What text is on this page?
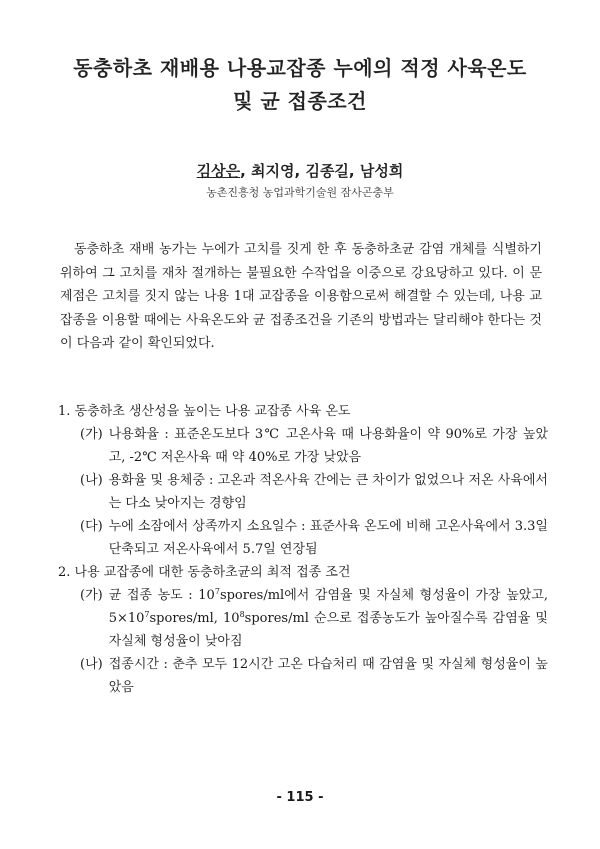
동충하초 재배용 나용교잡종 누에의 적정 사육온도
및 균 접종조건
김상은, 최지영, 김종길, 남성희
농촌진흥청 농업과학기술원 잠사곤충부

동충하초 재배 농가는 누에가 고치를 짓게 한 후 동충하초균 감염 개체를 식별하기 위하여 그 고치를 재차 절개하는 불필요한 수작업을 이중으로 강요당하고 있다. 이 문제점은 고치를 짓지 않는 나용 1대 교잡종을 이용함으로써 해결할 수 있는데, 나용 교잡종을 이용할 때에는 사육온도와 균 접종조건을 기존의 방법과는 달리해야 한다는 것이 다음과 같이 확인되었다.

1. 동충하초 생산성을 높이는 나용 교잡종 사육 온도

(가) 나용화율 : 표준온도보다 3℃ 고온사육 때 나용화율이 약 90%로 가장 높았고, -2℃ 저온사육 때 약 40%로 가장 낮았음
(나) 용화율 및 용체중 : 고온과 적온사육 간에는 큰 차이가 없었으나 저온 사육에서는 다소 낮아지는 경향임
(다) 누에 소잠에서 상족까지 소요일수 : 표준사육 온도에 비해 고온사육에서 3.3일 단축되고 저온사육에서 5.7일 연장됨

2. 나용 교잡종에 대한 동충하초균의 최적 접종 조건

(가) 균 접종 농도 : $10^7spores/ml$에서 감염율 및 자실체 형성율이 가장 높았고, $5\times 10^7spores/ml$, $10^8spores/ml$ 순으로 접종농도가 높아질수록 감염율 및 자실체 형성율이 낮아짐
(나) 접종시간 : 춘추 모두 12시간 고온 다습처리 때 감염율 및 자실체 형성율이 높았음
- 115 -
